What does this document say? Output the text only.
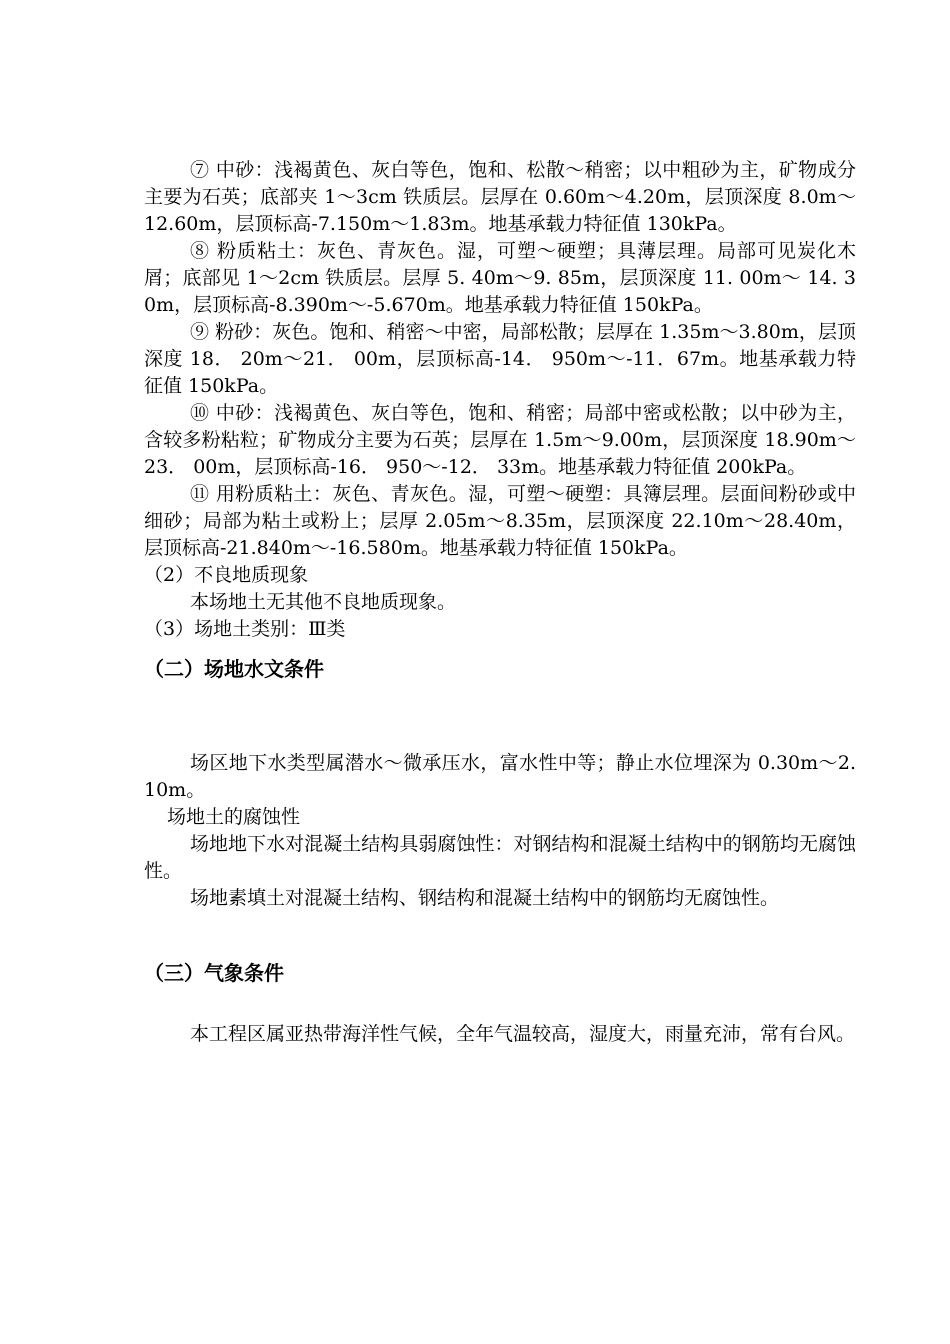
⑦ 中砂：浅褐黄色、灰白等色，饱和、松散～稍密；以中粗砂为主，矿物成分主要为石英；底部夹 1～3cm 铁质层。层厚在 0.60m～4.20m，层顶深度 8.0m～12.60m，层顶标高-7.150m～1.83m。地基承载力特征值 130kPa。

⑧ 粉质粘土：灰色、青灰色。湿，可塑～硬塑；具薄层理。局部可见炭化木屑；底部见 1～2cm 铁质层。层厚 5. 40m～9. 85m，层顶深度 11. 00m～ 14. 30m，层顶标高-8.390m～-5.670m。地基承载力特征值 150kPa。

⑨ 粉砂：灰色。饱和、稍密～中密，局部松散；层厚在 1.35m～3.80m，层顶深度 18． 20m～21． 00m，层顶标高-14． 950m～-11．67m。地基承载力特征值 150kPa。

⑩ 中砂：浅褐黄色、灰白等色，饱和、稍密；局部中密或松散；以中砂为主，含较多粉粘粒；矿物成分主要为石英；层厚在 1.5m～9.00m，层顶深度 18.90m～23． 00m，层顶标高-16． 950～-12． 33m。地基承载力特征值 200kPa。

⑪ 用粉质粘土：灰色、青灰色。湿，可塑～硬塑：具簿层理。层面间粉砂或中细砂；局部为粘土或粉上；层厚 2.05m～8.35m，层顶深度 22.10m～28.40m，层顶标高-21.840m～-16.580m。地基承载力特征值 150kPa。

（2）不良地质现象

本场地土无其他不良地质现象。

（3）场地土类别：Ⅲ类

（二）场地水文条件

场区地下水类型属潜水～微承压水，富水性中等；静止水位埋深为 0.30m～2.10m。

场地土的腐蚀性

场地地下水对混凝土结构具弱腐蚀性：对钢结构和混凝土结构中的钢筋均无腐蚀性。

场地素填土对混凝土结构、钢结构和混凝土结构中的钢筋均无腐蚀性。

（三）气象条件

本工程区属亚热带海洋性气候，全年气温较高，湿度大，雨量充沛，常有台风。
